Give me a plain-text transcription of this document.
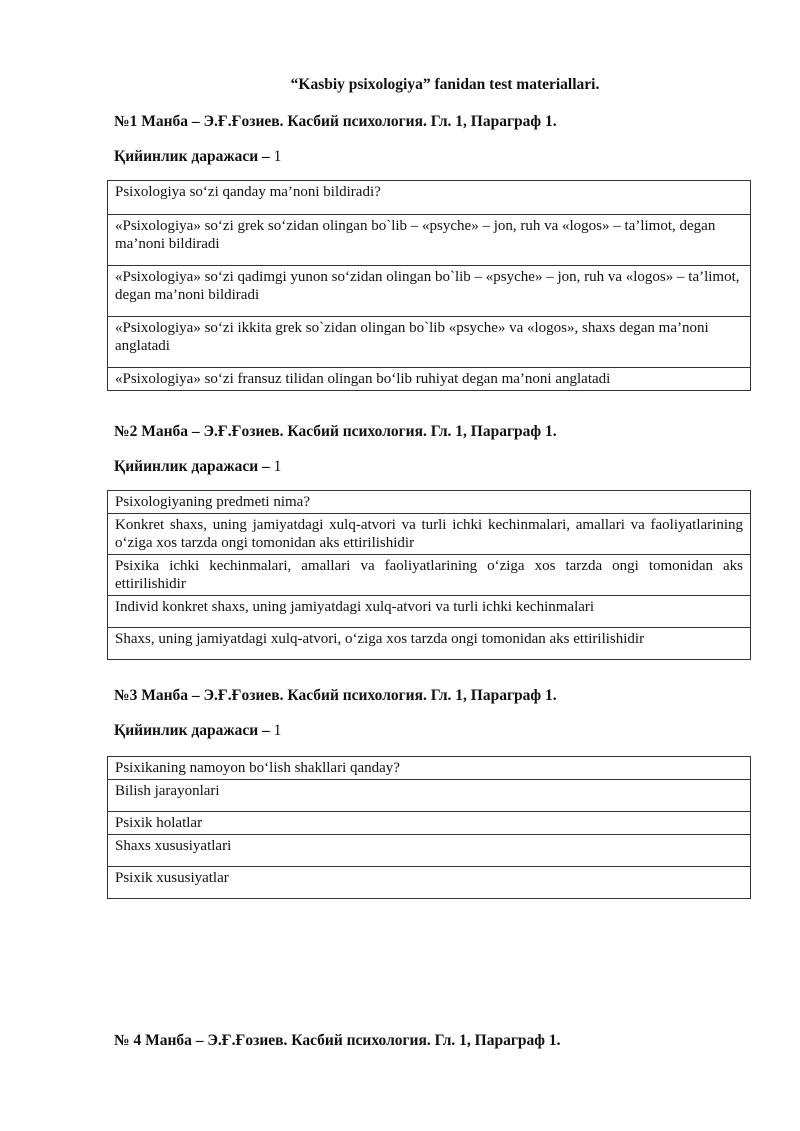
“Kasbiy psixologiya” fanidan test materiallari.
№1 Манба – Э.Ғ.Ғозиев. Касбий психология. Гл. 1, Параграф 1.
Қийинлик даражаси – 1
Psixologiya so‘zi qanday ma’noni bildiradi?
«Psixologiya» so‘zi grek so‘zidan olingan bo`lib – «psyche» – jon, ruh va «logos» – ta’limot, degan ma’noni bildiradi
«Psixologiya» so‘zi qadimgi yunon so‘zidan olingan bo`lib – «psyche» – jon, ruh va «logos» – ta’limot, degan ma’noni bildiradi
«Psixologiya» so‘zi ikkita grek so`zidan olingan bo`lib «psyche» va «logos», shaxs degan ma’noni anglatadi
«Psixologiya» so‘zi fransuz tilidan olingan bo‘lib ruhiyat degan ma’noni anglatadi
№2 Манба – Э.Ғ.Ғозиев. Касбий психология. Гл. 1, Параграф 1.
Қийинлик даражаси – 1
Psixologiyaning predmeti nima?
Konkret shaxs, uning jamiyatdagi xulq-atvori va turli ichki kechinmalari, amallari va faoliyatlarining o‘ziga xos tarzda ongi tomonidan aks ettirilishidir
Psixika ichki kechinmalari, amallari va faoliyatlarining o‘ziga xos tarzda ongi tomonidan aks ettirilishidir
Individ konkret shaxs, uning jamiyatdagi xulq-atvori va turli ichki kechinmalari
Shaxs, uning jamiyatdagi xulq-atvori, o‘ziga xos tarzda ongi tomonidan aks ettirilishidir
№3 Манба – Э.Ғ.Ғозиев. Касбий психология. Гл. 1, Параграф 1.
Қийинлик даражаси – 1
Psixikaning namoyon bo‘lish shakllari qanday?
Bilish jarayonlari
Psixik holatlar
Shaxs xususiyatlari
Psixik xususiyatlar
№ 4 Манба – Э.Ғ.Ғозиев. Касбий психология. Гл. 1, Параграф 1.
